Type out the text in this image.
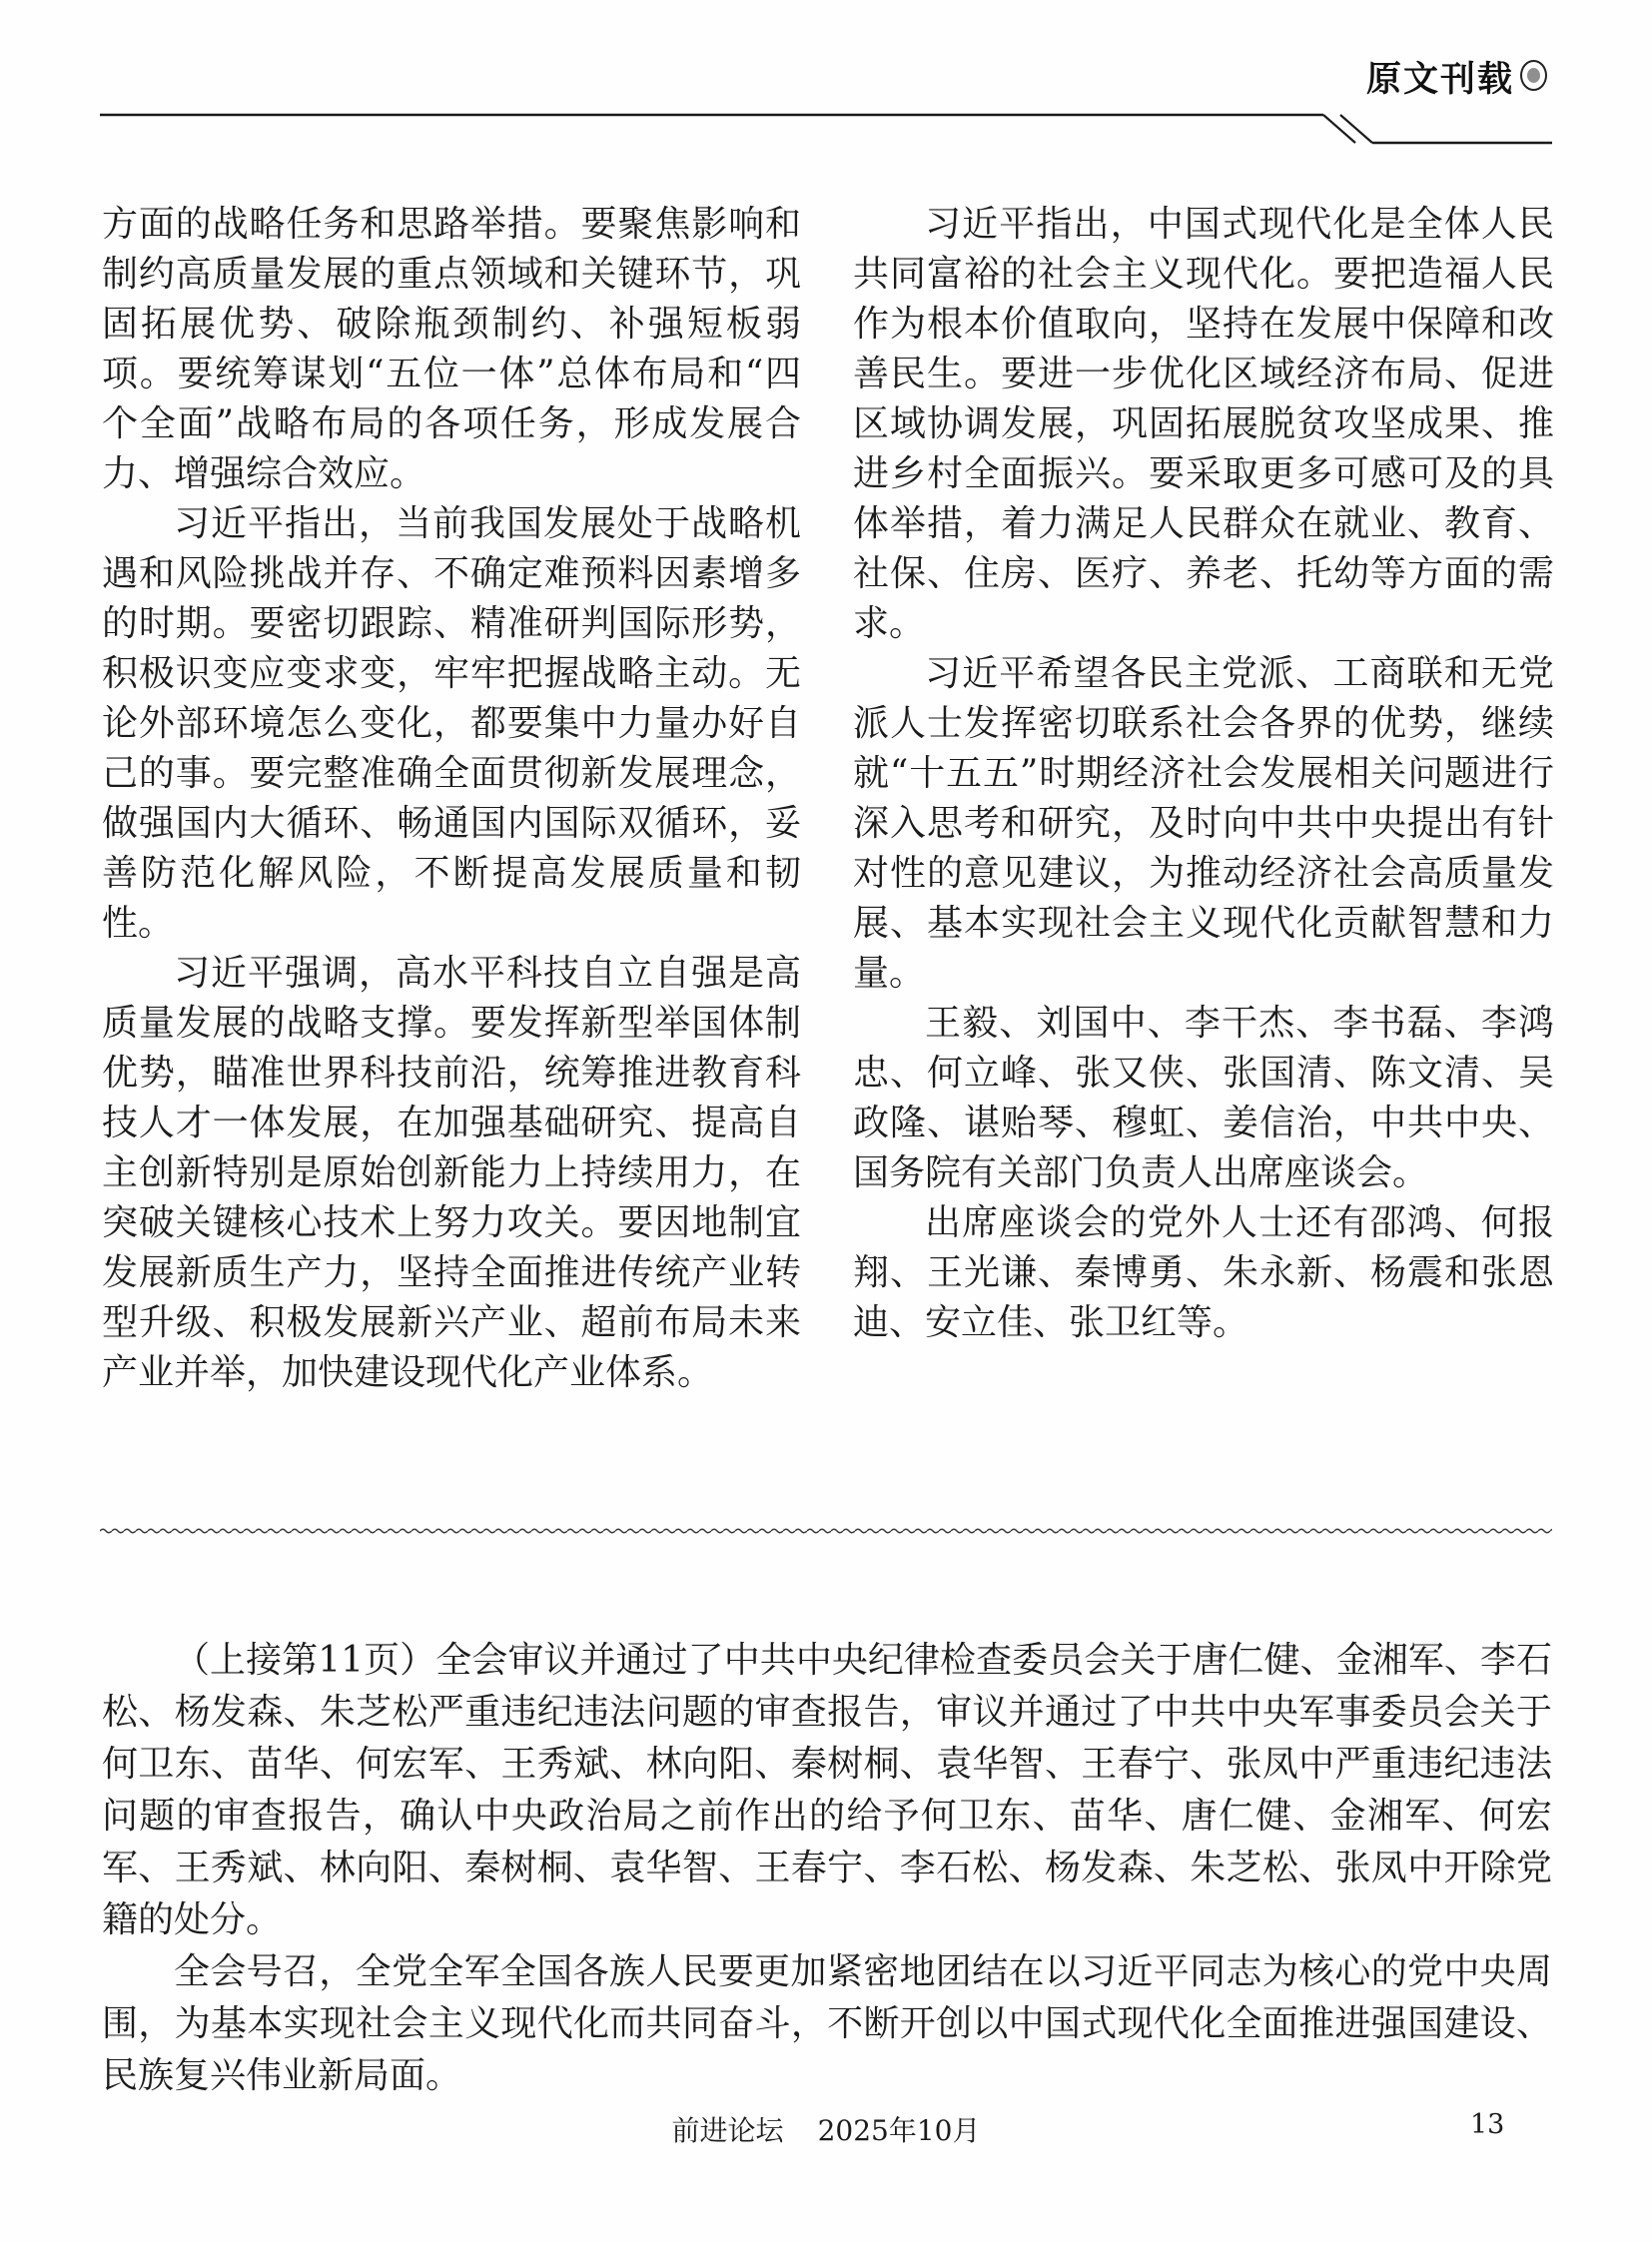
原文刊载

方面的战略任务和思路举措。要聚焦影响和制约高质量发展的重点领域和关键环节，巩固拓展优势、破除瓶颈制约、补强短板弱项。要统筹谋划“五位一体”总体布局和“四个全面”战略布局的各项任务，形成发展合力、增强综合效应。

习近平指出，当前我国发展处于战略机遇和风险挑战并存、不确定难预料因素增多的时期。要密切跟踪、精准研判国际形势，积极识变应变求变，牢牢把握战略主动。无论外部环境怎么变化，都要集中力量办好自己的事。要完整准确全面贯彻新发展理念，做强国内大循环、畅通国内国际双循环，妥善防范化解风险，不断提高发展质量和韧性。

习近平强调，高水平科技自立自强是高质量发展的战略支撑。要发挥新型举国体制优势，瞄准世界科技前沿，统筹推进教育科技人才一体发展，在加强基础研究、提高自主创新特别是原始创新能力上持续用力，在突破关键核心技术上努力攻关。要因地制宜发展新质生产力，坚持全面推进传统产业转型升级、积极发展新兴产业、超前布局未来产业并举，加快建设现代化产业体系。

习近平指出，中国式现代化是全体人民共同富裕的社会主义现代化。要把造福人民作为根本价值取向，坚持在发展中保障和改善民生。要进一步优化区域经济布局、促进区域协调发展，巩固拓展脱贫攻坚成果、推进乡村全面振兴。要采取更多可感可及的具体举措，着力满足人民群众在就业、教育、社保、住房、医疗、养老、托幼等方面的需求。

习近平希望各民主党派、工商联和无党派人士发挥密切联系社会各界的优势，继续就“十五五”时期经济社会发展相关问题进行深入思考和研究，及时向中共中央提出有针对性的意见建议，为推动经济社会高质量发展、基本实现社会主义现代化贡献智慧和力量。

王毅、刘国中、李干杰、李书磊、李鸿忠、何立峰、张又侠、张国清、陈文清、吴政隆、谌贻琴、穆虹、姜信治，中共中央、国务院有关部门负责人出席座谈会。

出席座谈会的党外人士还有邵鸿、何报翔、王光谦、秦博勇、朱永新、杨震和张恩迪、安立佳、张卫红等。

（上接第11页）全会审议并通过了中共中央纪律检查委员会关于唐仁健、金湘军、李石松、杨发森、朱芝松严重违纪违法问题的审查报告，审议并通过了中共中央军事委员会关于何卫东、苗华、何宏军、王秀斌、林向阳、秦树桐、袁华智、王春宁、张凤中严重违纪违法问题的审查报告，确认中央政治局之前作出的给予何卫东、苗华、唐仁健、金湘军、何宏军、王秀斌、林向阳、秦树桐、袁华智、王春宁、李石松、杨发森、朱芝松、张凤中开除党籍的处分。

全会号召，全党全军全国各族人民要更加紧密地团结在以习近平同志为核心的党中央周围，为基本实现社会主义现代化而共同奋斗，不断开创以中国式现代化全面推进强国建设、民族复兴伟业新局面。

前进论坛 2025年10月	13
